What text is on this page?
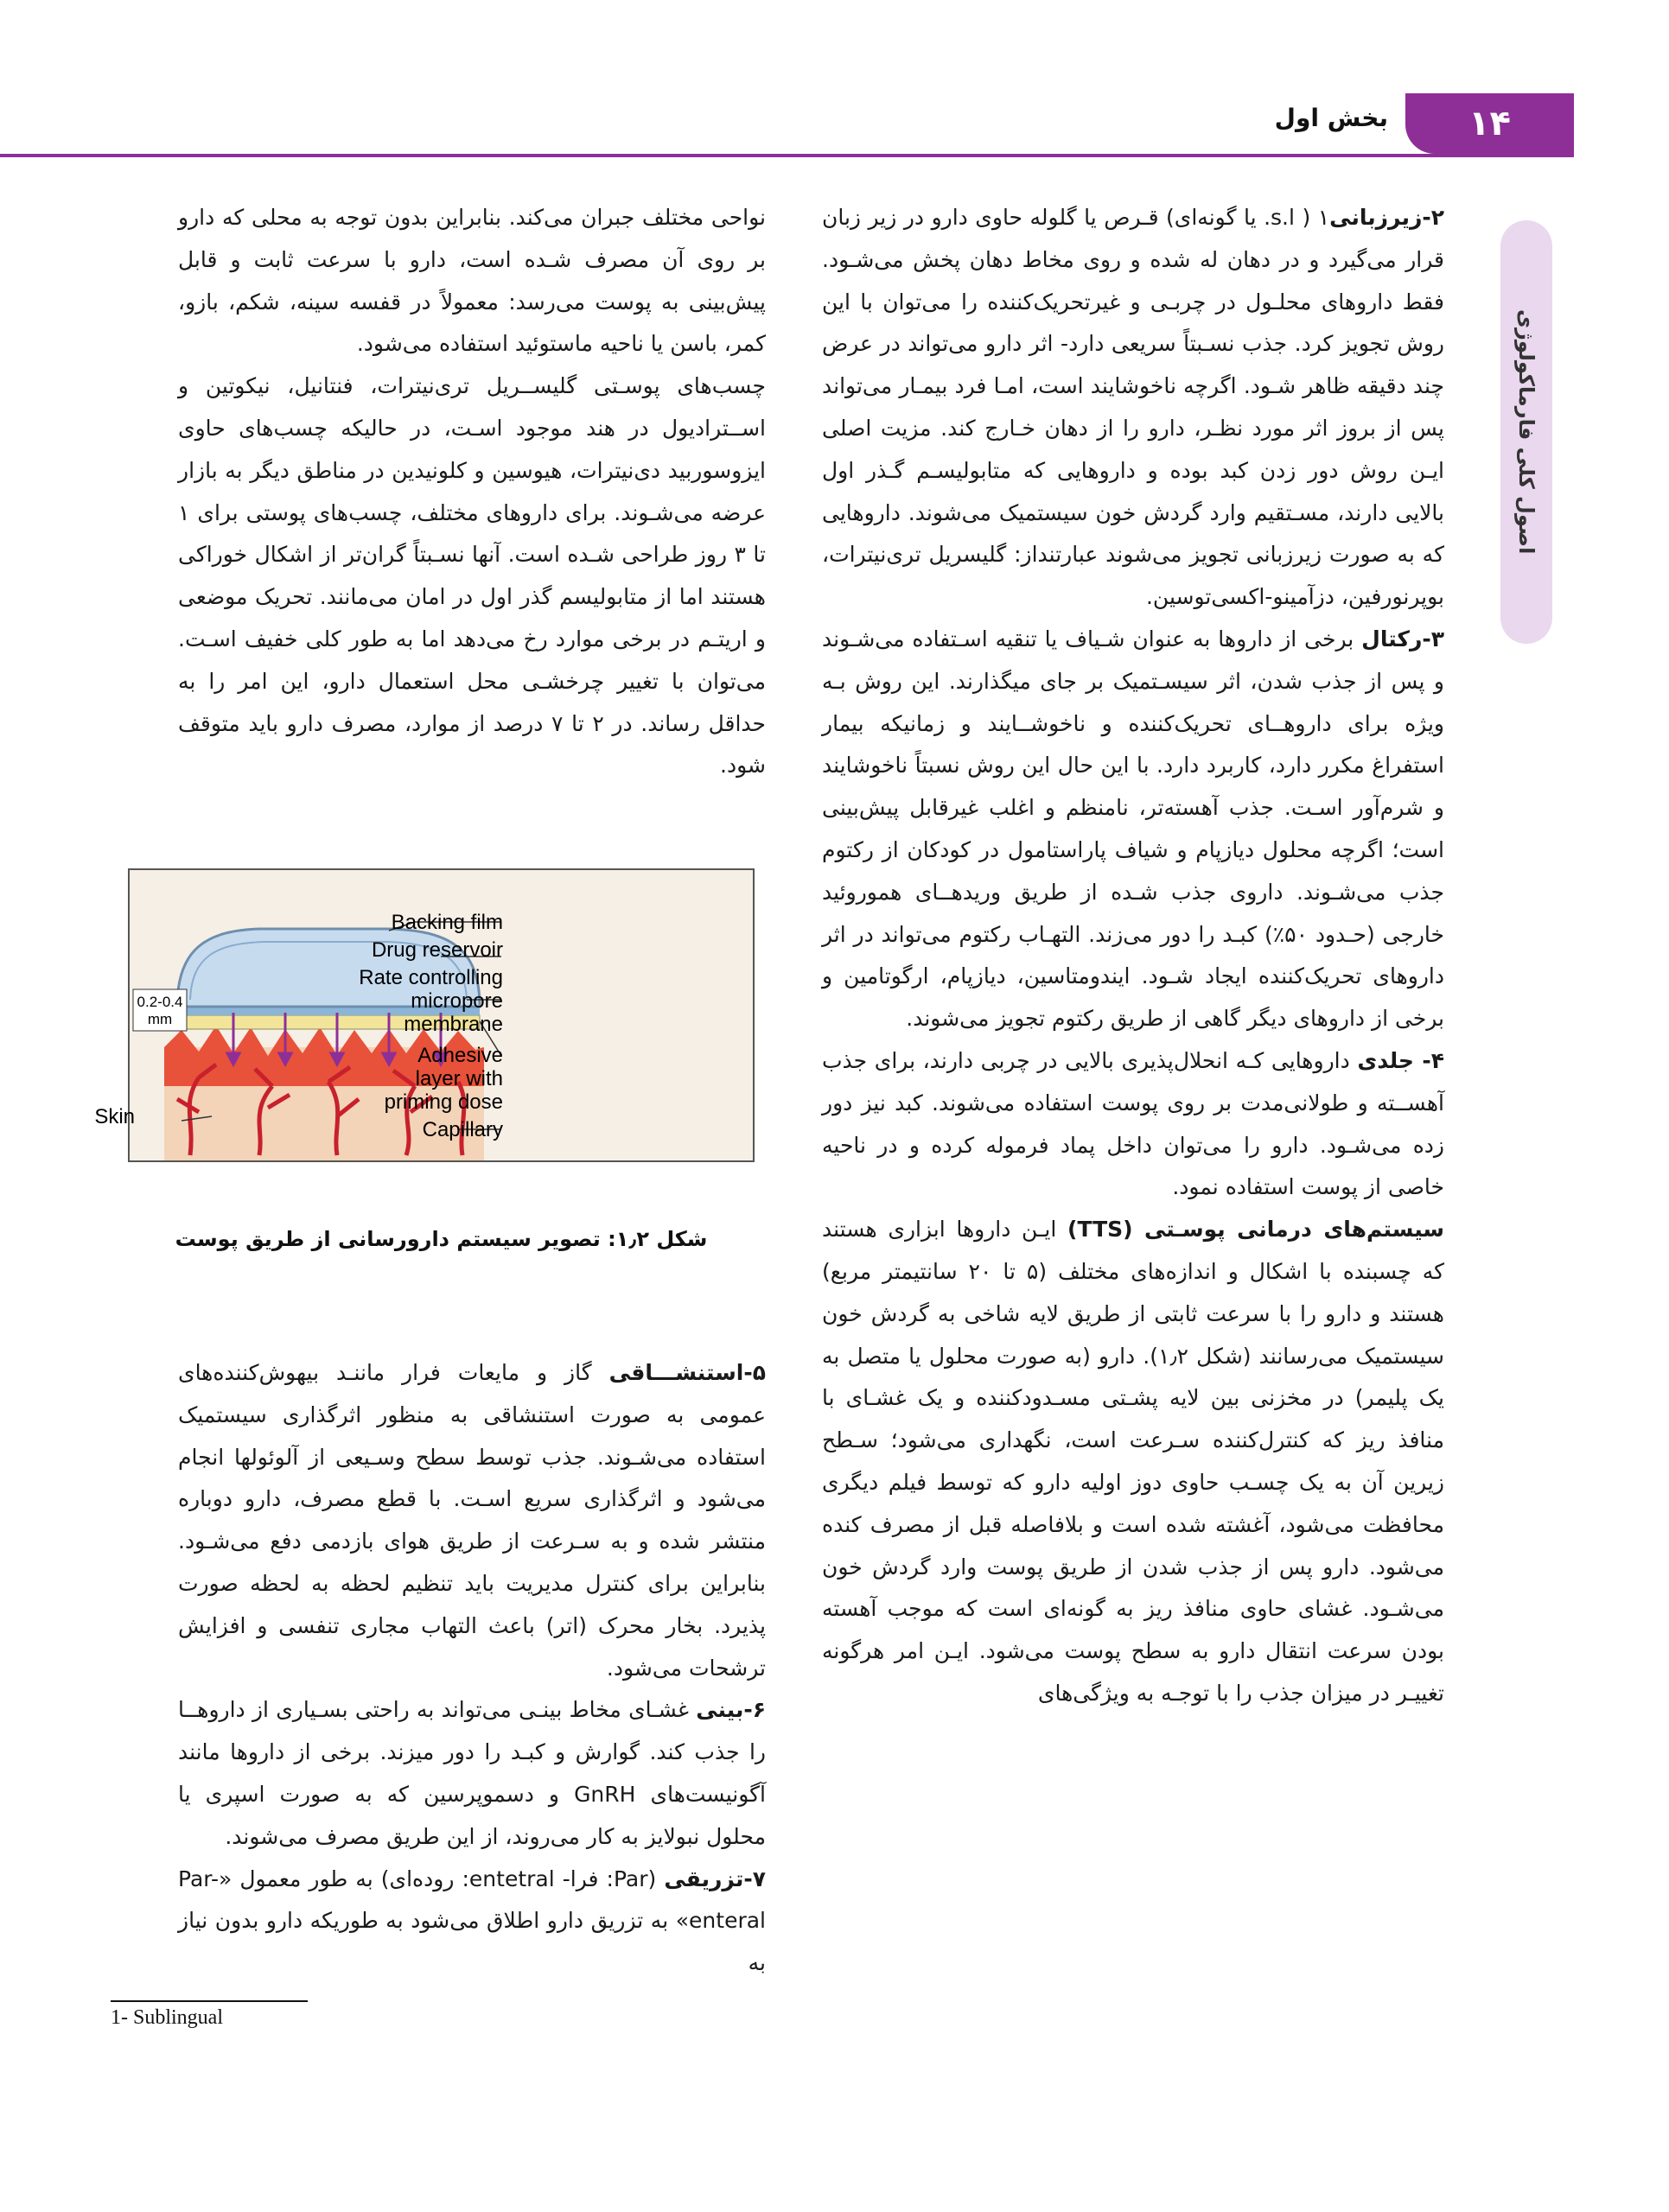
۱۴
بخش اول
اصول کلی فارماکولوژی

۲-زیرزبانی۱ ( s.l. یا گونه‌ای) قـرص یا گلوله حاوی دارو در زیر زبان قرار می‌گیرد و در دهان له شده و روی مخاط دهان پخش می‌شـود. فقط داروهای محلـول در چربـی و غیرتحریک‌کننده را می‌توان با این روش تجویز کرد. جذب نسـبتاً سریعی دارد- اثر دارو می‌تواند در عرض چند دقیقه ظاهر شـود. اگرچه ناخوشایند است، امـا فرد بیمـار می‌تواند پس از بروز اثر مورد نظـر، دارو را از دهان خـارج کند. مزیت اصلی ایـن روش دور زدن کبد بوده و داروهایی که متابولیسـم گـذر اول بالایی دارند، مسـتقیم وارد گردش خون سیستمیک می‌شوند. داروهایی که به صورت زیرزبانی تجویز می‌شوند عبارتنداز: گلیسریل تری‌نیترات، بوپرنورفین، دزآمینو-اکسی‌توسین.

۳-رکتال برخی از داروها به عنوان شـیاف یا تنقیه اسـتفاده می‌شـوند و پس از جذب شدن، اثر سیسـتمیک بر جای میگذارند. این روش بـه ویژه برای داروهــای تحریک‌کننده و ناخوشــایند و زمانیکه بیمار استفراغ مکرر دارد، کاربرد دارد. با این حال این روش نسبتاً ناخوشایند و شرم‌آور اسـت. جذب آهسته‌تر، نامنظم و اغلب غیرقابل پیش‌بینی است؛ اگرچه محلول دیازپام و شیاف پاراستامول در کودکان از رکتوم جذب می‌شـوند. داروی جذب شـده از طریق وریدهــای هموروئید خارجی (حـدود ۵۰٪) کبـد را دور می‌زند. التهـاب رکتوم می‌تواند در اثر داروهای تحریک‌کننده ایجاد شـود. ایندومتاسین، دیازپام، ارگوتامین و برخی از داروهای دیگر گاهی از طریق رکتوم تجویز می‌شوند.

۴- جلدی داروهایی کـه انحلال‌پذیری بالایی در چربی دارند، برای جذب آهســته و طولانی‌مدت بر روی پوست استفاده می‌شوند. کبد نیز دور زده می‌شـود. دارو را می‌توان داخل پماد فرموله کرده و در ناحیه خاصی از پوست استفاده نمود.

سیستم‌های درمانی پوسـتی (TTS) ایـن داروها ابزاری هستند که چسبنده با اشکال و اندازه‌های مختلف (۵ تا ۲۰ سانتیمتر مربع) هستند و دارو را با سرعت ثابتی از طریق لایه شاخی به گردش خون سیستمیک می‌رسانند (شکل ۱٫۲). دارو (به صورت محلول یا متصل به یک پلیمر) در مخزنی بین لایه پشـتی مسـدودکننده و یک غشـای با منافذ ریز که کنترل‌کننده سـرعت است، نگهداری می‌شود؛ سـطح زیرین آن به یک چسـب حاوی دوز اولیه دارو که توسط فیلم دیگری محافظت می‌شود، آغشته شده است و بلافاصله قبل از مصرف کنده می‌شود. دارو پس از جذب شدن از طریق پوست وارد گردش خون می‌شـود. غشای حاوی منافذ ریز به گونه‌ای است که موجب آهسته بودن سرعت انتقال دارو به سطح پوست می‌شود. ایـن امر هرگونه تغییـر در میزان جذب را با توجـه به ویژگی‌های

نواحی مختلف جبران می‌کند. بنابراین بدون توجه به محلی که دارو بر روی آن مصرف شـده است، دارو با سرعت ثابت و قابل پیش‌بینی به پوست می‌رسد: معمولاً در قفسه سینه، شکم، بازو، کمر، باسن یا ناحیه ماستوئید استفاده می‌شود.

چسب‌های پوسـتی گلیســریل تری‌نیترات، فنتانیل، نیکوتین و اســترادیول در هند موجود اسـت، در حالیکه چسب‌های حاوی ایزوسوربید دی‌نیترات، هیوسین و کلونیدین در مناطق دیگر به بازار عرضه می‌شـوند. برای داروهای مختلف، چسب‌های پوستی برای ۱ تا ۳ روز طراحی شـده است. آنها نسـبتاً گران‌تر از اشکال خوراکی هستند اما از متابولیسم گذر اول در امان می‌مانند. تحریک موضعی و اریتـم در برخی موارد رخ می‌دهد اما به طور کلی خفیف اسـت. می‌توان با تغییر چرخشـی محل استعمال دارو، این امر را به حداقل رساند. در ۲ تا ۷ درصد از موارد، مصرف دارو باید متوقف شود.

0.2-0.4
mm
Backing film
Drug reservoir
Rate controlling
micropore
membrane
Adhesive
layer with
priming dose
Capillary
Skin
شکل ۱٫۲: تصویر سیستم دارورسانی از طریق پوست

۵-استنشـــاقی گاز و مایعات فرار ماننـد بیهوش‌کننده‌های عمومی به صورت استنشاقی به منظور اثرگذاری سیستمیک استفاده می‌شـوند. جذب توسط سطح وسـیعی از آلوئولها انجام می‌شود و اثرگذاری سریع اسـت. با قطع مصرف، دارو دوباره منتشر شده و به سـرعت از طریق هوای بازدمی دفع می‌شـود. بنابراین برای کنترل مدیریت باید تنظیم لحظه به لحظه صورت پذیرد. بخار محرک (اتر) باعث التهاب مجاری تنفسی و افزایش ترشحات می‌شود.

۶-بینی غشـای مخاط بینـی می‌تواند به راحتی بسـیاری از داروهــا را جذب کند. گوارش و کبـد را دور میزند. برخی از داروها مانند آگونیست‌های GnRH و دسموپرسین که به صورت اسپری یا محلول نبولایز به کار می‌روند، از این طریق مصرف می‌شوند.

۷-تزریقی (Par: فرا- entetral: روده‌ای) به طور معمول «Par-enteral» به تزریق دارو اطلاق می‌شود به طوریکه دارو بدون نیاز به

1- Sublingual
